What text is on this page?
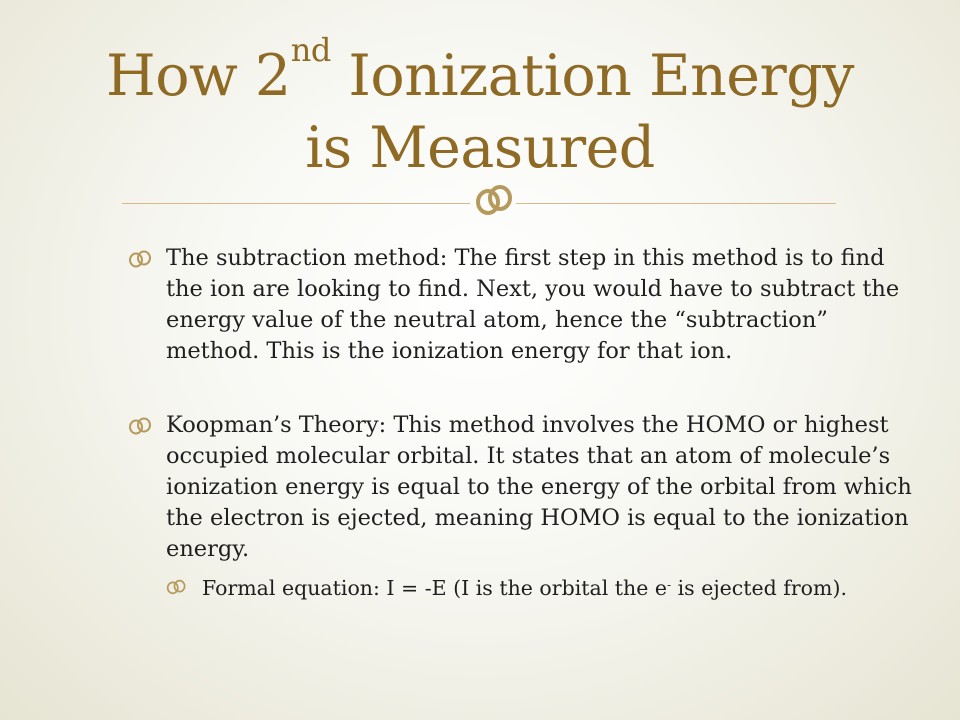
How 2nd Ionization Energy
is Measured
The subtraction method: The first step in this method is to find the ion are looking to find. Next, you would have to subtract the energy value of the neutral atom, hence the “subtraction” method. This is the ionization energy for that ion.
Koopman’s Theory: This method involves the HOMO or highest occupied molecular orbital. It states that an atom of molecule’s ionization energy is equal to the energy of the orbital from which the electron is ejected, meaning HOMO is equal to the ionization energy.
Formal equation: I = -E (I is the orbital the e- is ejected from).
